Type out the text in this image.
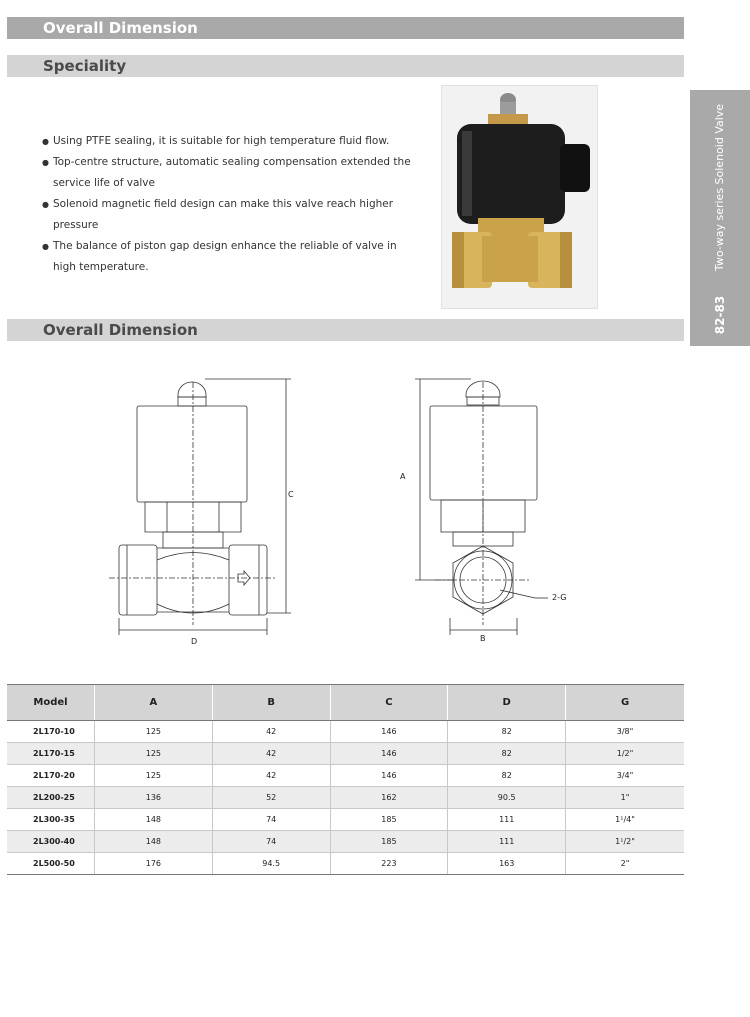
Overall Dimension
Speciality
● Using PTFE sealing, it is suitable for high temperature fluid flow.
● Top-centre structure, automatic sealing compensation extended the service life of valve
● Solenoid magnetic field design can make this valve reach higher pressure
● The balance of piston gap design enhance the reliable of valve in high temperature.	Two-way series Solenoid Valve
82-83
Overall Dimension
C
D
A
B
2-G
Model	A	B	C	D	G
2L170-10	125	42	146	82	3/8"
2L170-15	125	42	146	82	1/2"
2L170-20	125	42	146	82	3/4"
2L200-25	136	52	162	90.5	1"
2L300-35	148	74	185	111	1¹/4"
2L300-40	148	74	185	111	1¹/2"
2L500-50	176	94.5	223	163	2"
